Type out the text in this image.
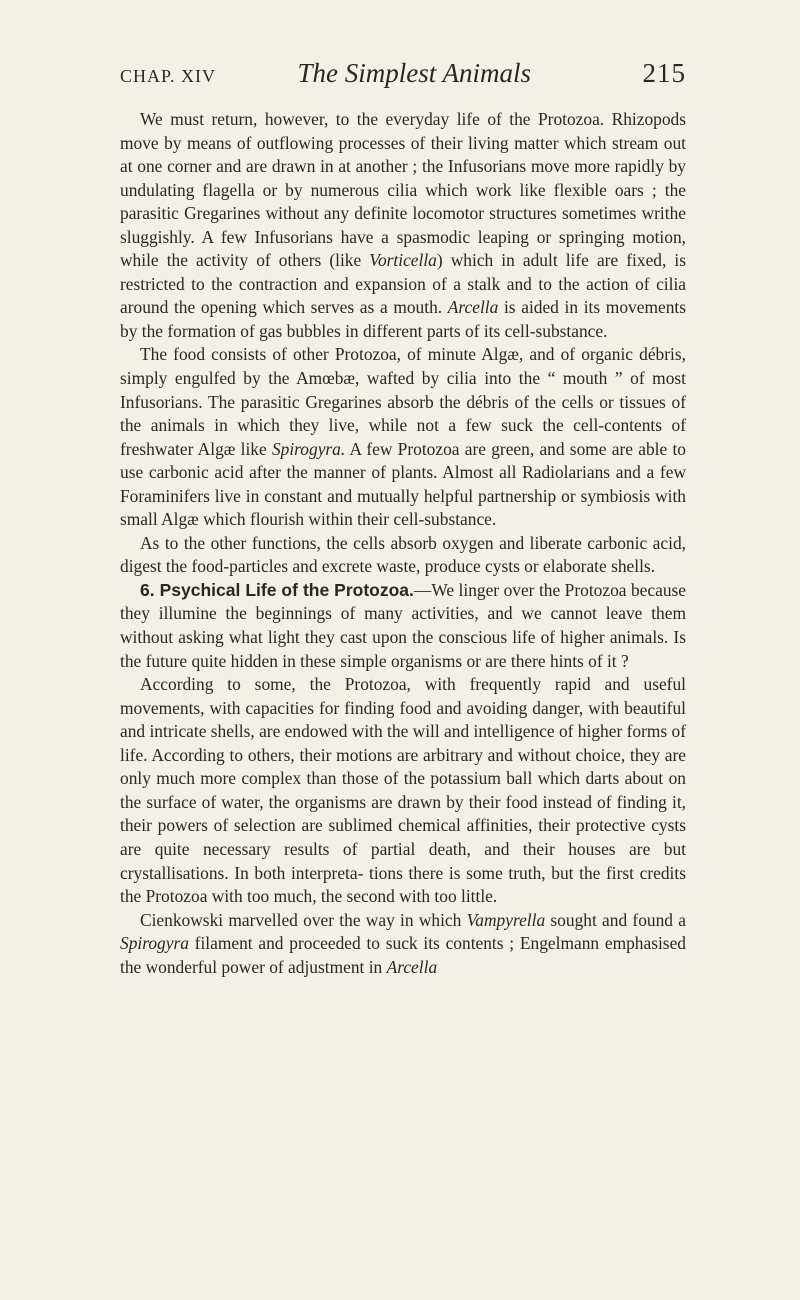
CHAP. XIV	The Simplest Animals	215

We must return, however, to the everyday life of the Protozoa. Rhizopods move by means of outflowing processes of their living matter which stream out at one corner and are drawn in at another ; the Infusorians move more rapidly by undulating flagella or by numerous cilia which work like flexible oars ; the parasitic Gregarines without any definite locomotor structures sometimes writhe sluggishly. A few Infusorians have a spasmodic leaping or springing motion, while the activity of others (like Vorticella) which in adult life are fixed, is restricted to the contraction and expansion of a stalk and to the action of cilia around the opening which serves as a mouth. Arcella is aided in its movements by the formation of gas bubbles in different parts of its cell-substance.

The food consists of other Protozoa, of minute Algæ, and of organic débris, simply engulfed by the Amœbæ, wafted by cilia into the “ mouth ” of most Infusorians. The parasitic Gregarines absorb the débris of the cells or tissues of the animals in which they live, while not a few suck the cell-contents of freshwater Algæ like Spirogyra. A few Protozoa are green, and some are able to use carbonic acid after the manner of plants. Almost all Radiolarians and a few Foraminifers live in constant and mutually helpful partnership or symbiosis with small Algæ which flourish within their cell-substance.

As to the other functions, the cells absorb oxygen and liberate carbonic acid, digest the food-particles and excrete waste, produce cysts or elaborate shells.

6. Psychical Life of the Protozoa.—We linger over the Protozoa because they illumine the beginnings of many activities, and we cannot leave them without asking what light they cast upon the conscious life of higher animals. Is the future quite hidden in these simple organisms or are there hints of it ?

According to some, the Protozoa, with frequently rapid and useful movements, with capacities for finding food and avoiding danger, with beautiful and intricate shells, are endowed with the will and intelligence of higher forms of life. According to others, their motions are arbitrary and without choice, they are only much more complex than those of the potassium ball which darts about on the surface of water, the organisms are drawn by their food instead of finding it, their powers of selection are sublimed chemical affinities, their protective cysts are quite necessary results of partial death, and their houses are but crystallisations. In both interpreta- tions there is some truth, but the first credits the Protozoa with too much, the second with too little.

Cienkowski marvelled over the way in which Vampyrella sought and found a Spirogyra filament and proceeded to suck its contents ; Engelmann emphasised the wonderful power of adjustment in Arcella
